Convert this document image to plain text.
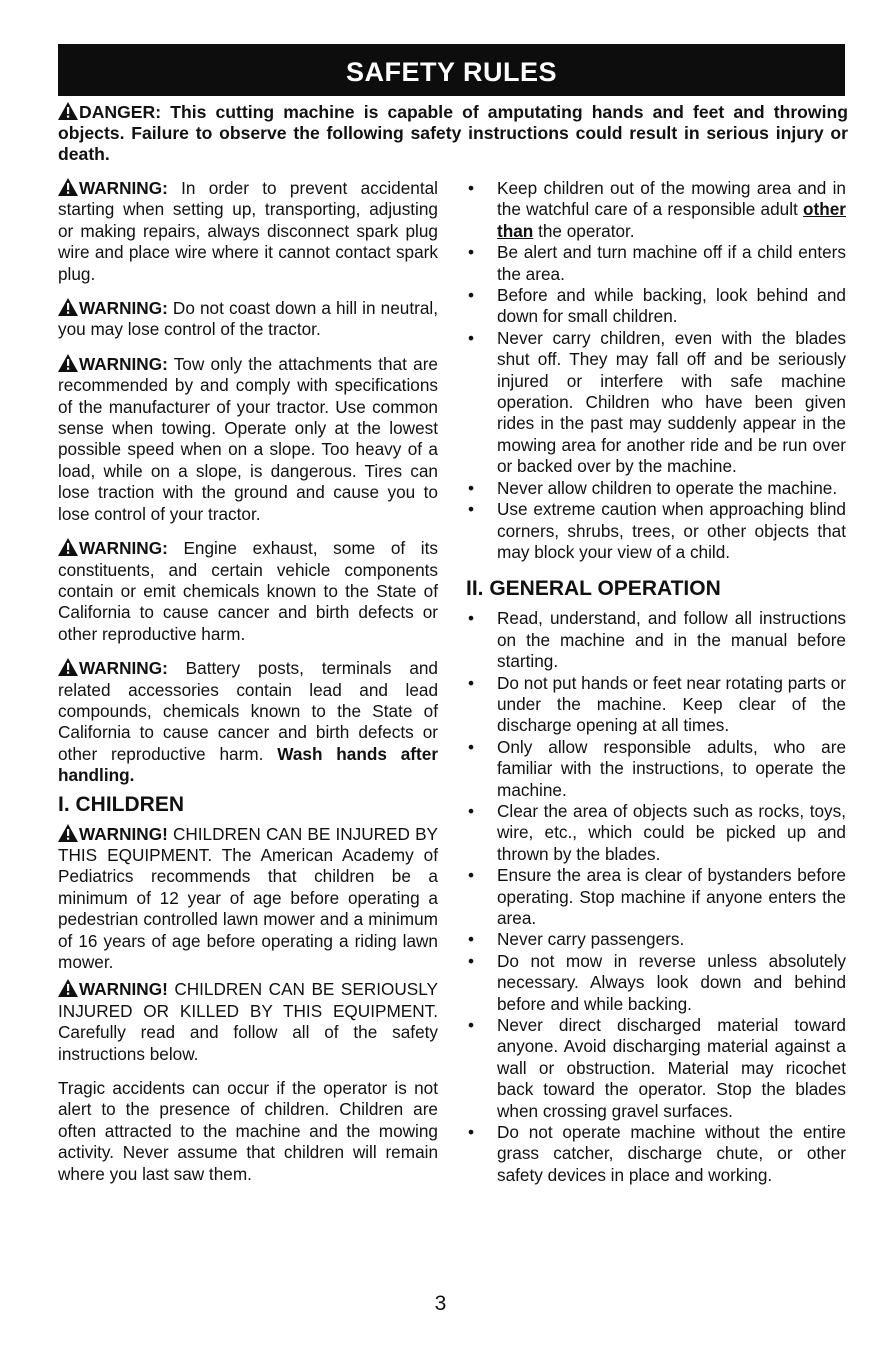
SAFETY RULES

DANGER: This cutting machine is capable of amputating hands and feet and throwing objects. Failure to observe the following safety instructions could result in serious injury or death.

WARNING: In order to prevent accidental starting when setting up, transporting, adjusting or making repairs, always disconnect spark plug wire and place wire where it cannot contact spark plug.

WARNING: Do not coast down a hill in neutral, you may lose control of the tractor.

WARNING: Tow only the attachments that are recommended by and comply with specifications of the manufacturer of your tractor. Use common sense when towing. Operate only at the lowest possible speed when on a slope. Too heavy of a load, while on a slope, is dangerous. Tires can lose traction with the ground and cause you to lose control of your tractor.

WARNING: Engine exhaust, some of its constituents, and certain vehicle components contain or emit chemicals known to the State of California to cause cancer and birth defects or other reproductive harm.

WARNING: Battery posts, terminals and related accessories contain lead and lead compounds, chemicals known to the State of California to cause cancer and birth defects or other reproductive harm. Wash hands after handling.

I. CHILDREN

WARNING! CHILDREN CAN BE INJURED BY THIS EQUIPMENT. The American Academy of Pediatrics recommends that children be a minimum of 12 year of age before operating a pedestrian controlled lawn mower and a minimum of 16 years of age before operating a riding lawn mower.

WARNING! CHILDREN CAN BE SERIOUSLY INJURED OR KILLED BY THIS EQUIPMENT. Carefully read and follow all of the safety instructions below.

Tragic accidents can occur if the operator is not alert to the presence of children. Children are often attracted to the machine and the mowing activity. Never assume that children will remain where you last saw them.

• Keep children out of the mowing area and in the watchful care of a responsible adult other than the operator.
• Be alert and turn machine off if a child enters the area.
• Before and while backing, look behind and down for small children.
• Never carry children, even with the blades shut off. They may fall off and be seriously injured or interfere with safe machine operation. Children who have been given rides in the past may suddenly appear in the mowing area for another ride and be run over or backed over by the machine.
• Never allow children to operate the machine.
• Use extreme caution when approaching blind corners, shrubs, trees, or other objects that may block your view of a child.
II. GENERAL OPERATION
• Read, understand, and follow all instructions on the machine and in the manual before starting.
• Do not put hands or feet near rotating parts or under the machine. Keep clear of the discharge opening at all times.
• Only allow responsible adults, who are familiar with the instructions, to operate the machine.
• Clear the area of objects such as rocks, toys, wire, etc., which could be picked up and thrown by the blades.
• Ensure the area is clear of bystanders before operating. Stop machine if anyone enters the area.
• Never carry passengers.
• Do not mow in reverse unless absolutely necessary. Always look down and behind before and while backing.
• Never direct discharged material toward anyone. Avoid discharging material against a wall or obstruction. Material may ricochet back toward the operator. Stop the blades when crossing gravel surfaces.
• Do not operate machine without the entire grass catcher, discharge chute, or other safety devices in place and working.
3
